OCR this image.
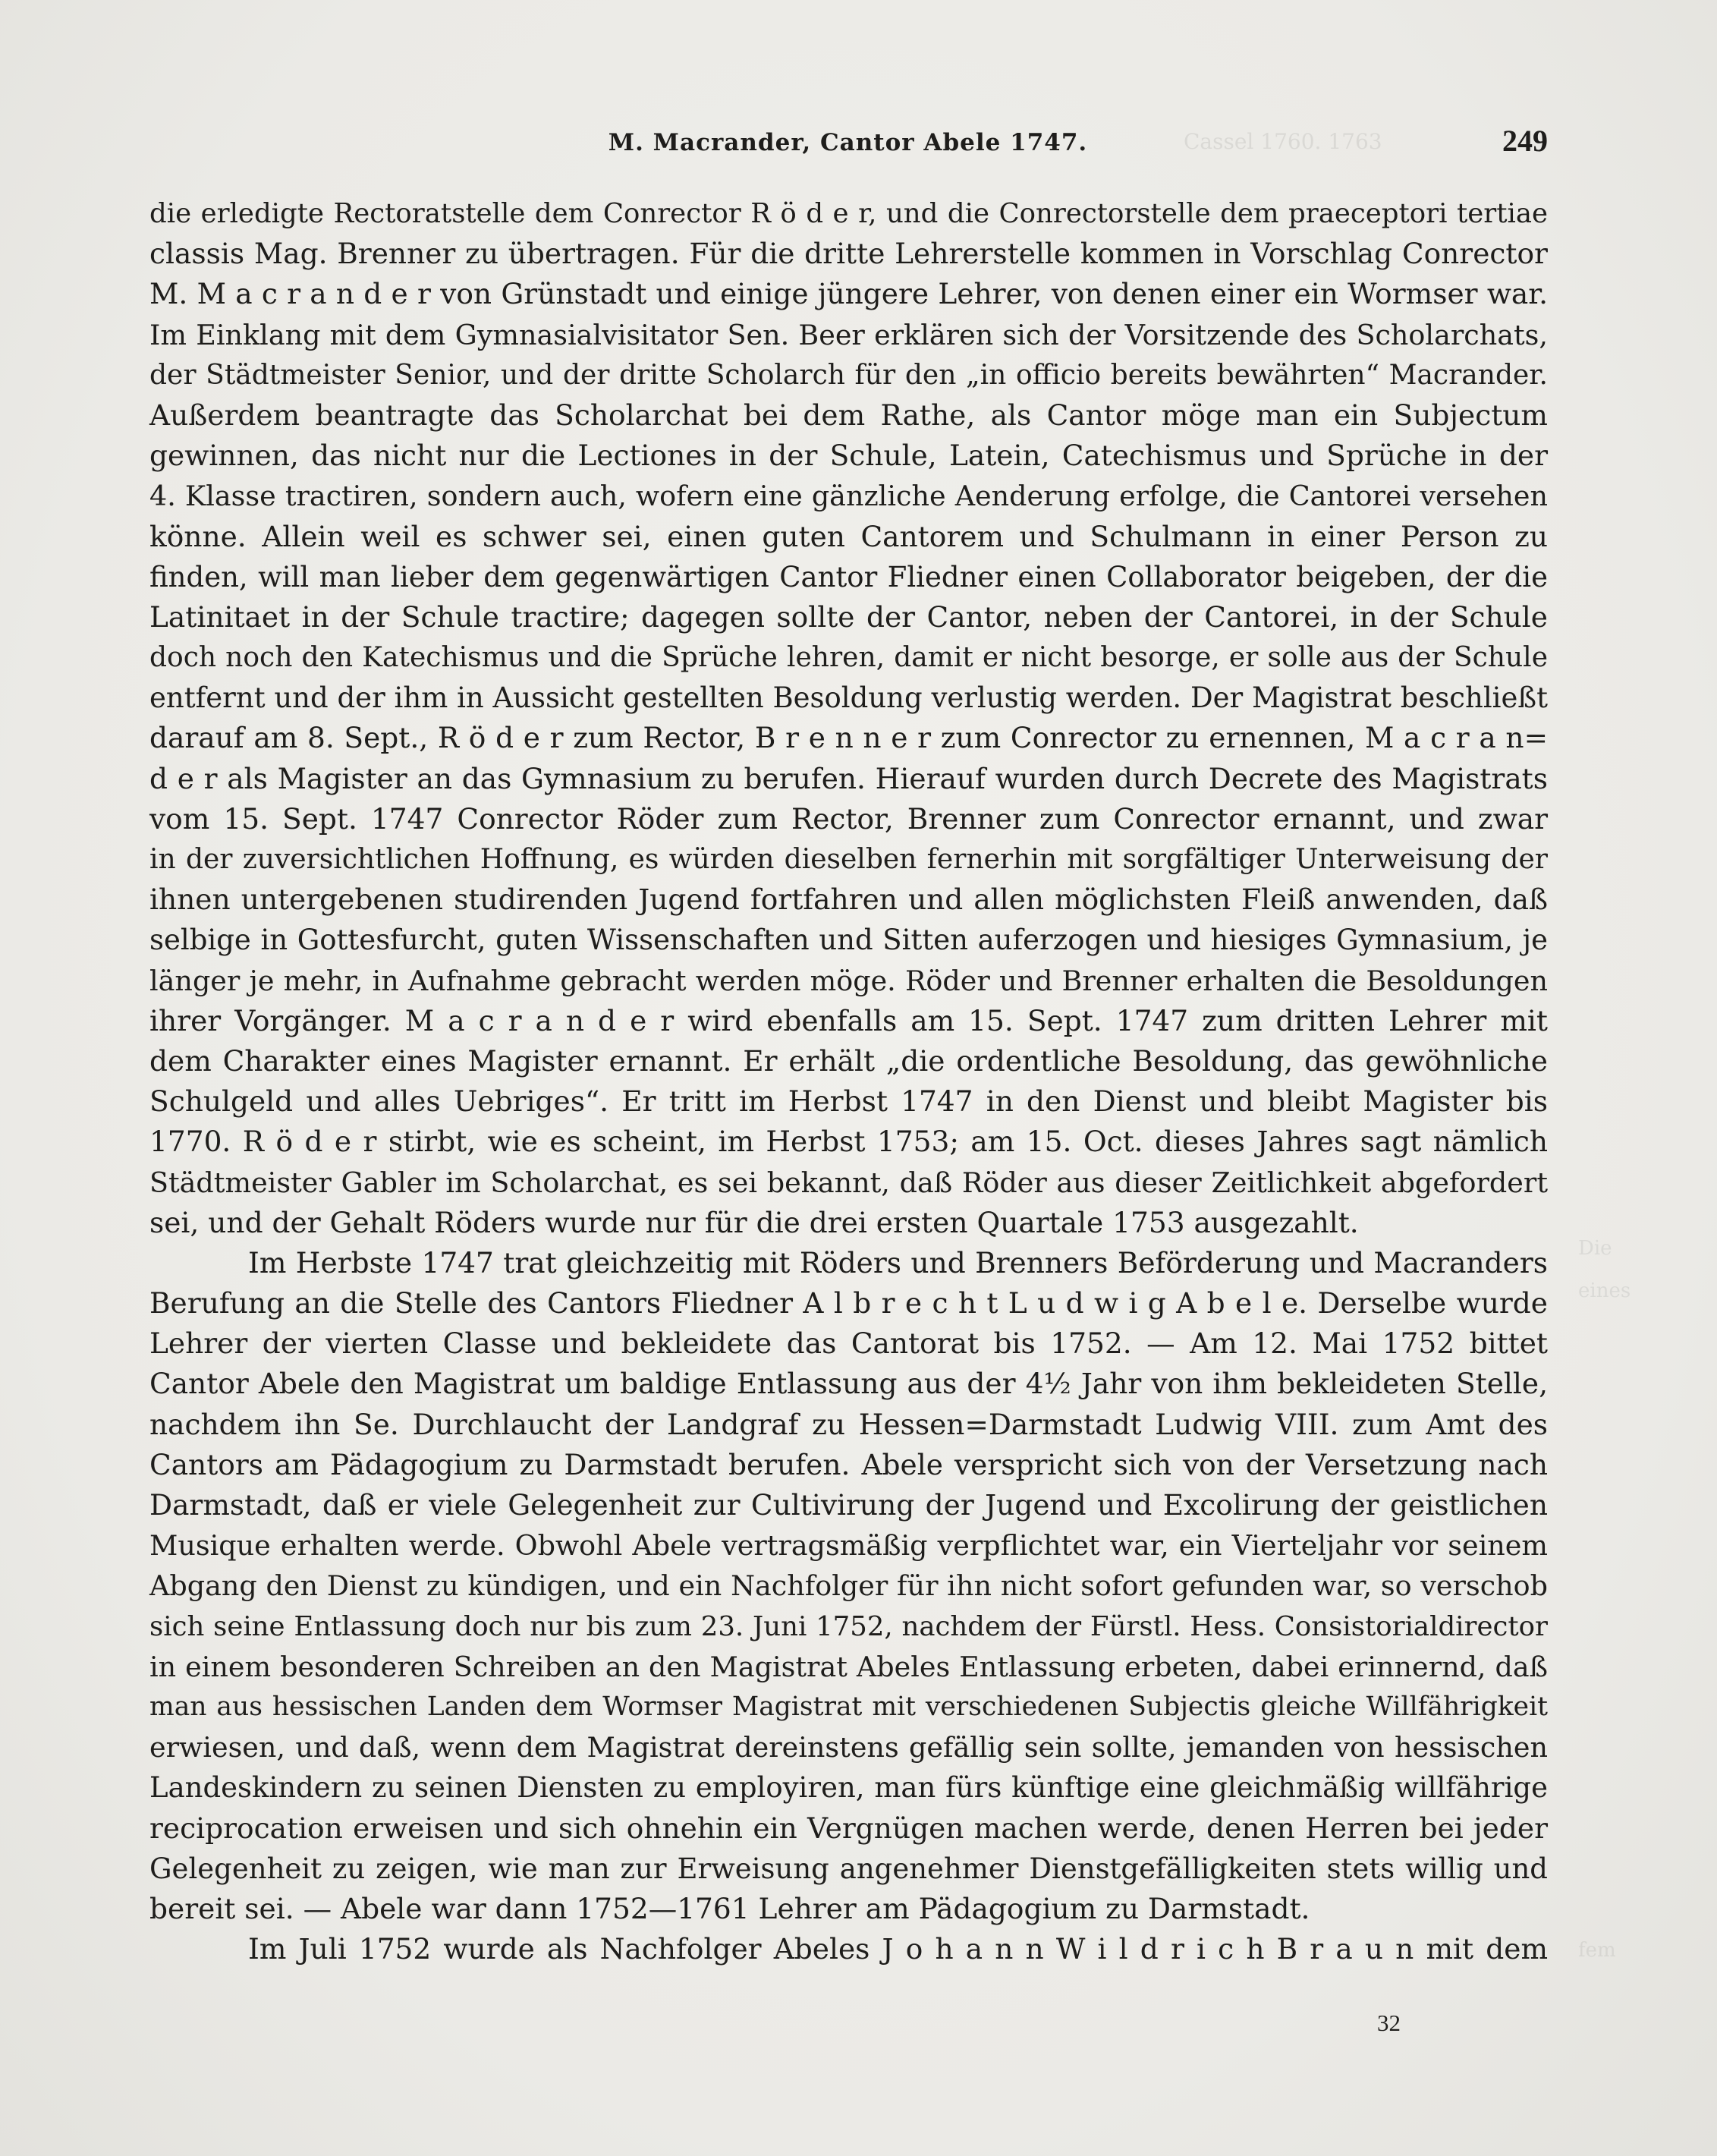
Cassel 1760. 1763
Die
eines
fem
M. Macrander, Cantor Abele 1747.	249
die erledigte Rectoratstelle dem Conrector R ö d e r, und die Conrectorstelle dem praeceptori tertiae
classis Mag. Brenner zu übertragen. Für die dritte Lehrerstelle kommen in Vorschlag Conrector
M. M a c r a n d e r von Grünstadt und einige jüngere Lehrer, von denen einer ein Wormser war.
Im Einklang mit dem Gymnasialvisitator Sen. Beer erklären sich der Vorsitzende des Scholarchats,
der Städtmeister Senior, und der dritte Scholarch für den „in officio bereits bewährten“ Macrander.
Außerdem beantragte das Scholarchat bei dem Rathe, als Cantor möge man ein Subjectum
gewinnen, das nicht nur die Lectiones in der Schule, Latein, Catechismus und Sprüche in der
4. Klasse tractiren, sondern auch, wofern eine gänzliche Aenderung erfolge, die Cantorei versehen
könne. Allein weil es schwer sei, einen guten Cantorem und Schulmann in einer Person zu
finden, will man lieber dem gegenwärtigen Cantor Fliedner einen Collaborator beigeben, der die
Latinitaet in der Schule tractire; dagegen sollte der Cantor, neben der Cantorei, in der Schule
doch noch den Katechismus und die Sprüche lehren, damit er nicht besorge, er solle aus der Schule
entfernt und der ihm in Aussicht gestellten Besoldung verlustig werden. Der Magistrat beschließt
darauf am 8. Sept., R ö d e r zum Rector, B r e n n e r zum Conrector zu ernennen, M a c r a n=
d e r als Magister an das Gymnasium zu berufen. Hierauf wurden durch Decrete des Magistrats
vom 15. Sept. 1747 Conrector Röder zum Rector, Brenner zum Conrector ernannt, und zwar
in der zuversichtlichen Hoffnung, es würden dieselben fernerhin mit sorgfältiger Unterweisung der
ihnen untergebenen studirenden Jugend fortfahren und allen möglichsten Fleiß anwenden, daß
selbige in Gottesfurcht, guten Wissenschaften und Sitten auferzogen und hiesiges Gymnasium, je
länger je mehr, in Aufnahme gebracht werden möge. Röder und Brenner erhalten die Besoldungen
ihrer Vorgänger. M a c r a n d e r wird ebenfalls am 15. Sept. 1747 zum dritten Lehrer mit
dem Charakter eines Magister ernannt. Er erhält „die ordentliche Besoldung, das gewöhnliche
Schulgeld und alles Uebriges“. Er tritt im Herbst 1747 in den Dienst und bleibt Magister bis
1770. R ö d e r stirbt, wie es scheint, im Herbst 1753; am 15. Oct. dieses Jahres sagt nämlich
Städtmeister Gabler im Scholarchat, es sei bekannt, daß Röder aus dieser Zeitlichkeit abgefordert
sei, und der Gehalt Röders wurde nur für die drei ersten Quartale 1753 ausgezahlt.
Im Herbste 1747 trat gleichzeitig mit Röders und Brenners Beförderung und Macranders
Berufung an die Stelle des Cantors Fliedner A l b r e c h t L u d w i g A b e l e. Derselbe wurde
Lehrer der vierten Classe und bekleidete das Cantorat bis 1752. — Am 12. Mai 1752 bittet
Cantor Abele den Magistrat um baldige Entlassung aus der 4½ Jahr von ihm bekleideten Stelle,
nachdem ihn Se. Durchlaucht der Landgraf zu Hessen=Darmstadt Ludwig VIII. zum Amt des
Cantors am Pädagogium zu Darmstadt berufen. Abele verspricht sich von der Versetzung nach
Darmstadt, daß er viele Gelegenheit zur Cultivirung der Jugend und Excolirung der geistlichen
Musique erhalten werde. Obwohl Abele vertragsmäßig verpflichtet war, ein Vierteljahr vor seinem
Abgang den Dienst zu kündigen, und ein Nachfolger für ihn nicht sofort gefunden war, so verschob
sich seine Entlassung doch nur bis zum 23. Juni 1752, nachdem der Fürstl. Hess. Consistorialdirector
in einem besonderen Schreiben an den Magistrat Abeles Entlassung erbeten, dabei erinnernd, daß
man aus hessischen Landen dem Wormser Magistrat mit verschiedenen Subjectis gleiche Willfährigkeit
erwiesen, und daß, wenn dem Magistrat dereinstens gefällig sein sollte, jemanden von hessischen
Landeskindern zu seinen Diensten zu employiren, man fürs künftige eine gleichmäßig willfährige
reciprocation erweisen und sich ohnehin ein Vergnügen machen werde, denen Herren bei jeder
Gelegenheit zu zeigen, wie man zur Erweisung angenehmer Dienstgefälligkeiten stets willig und
bereit sei. — Abele war dann 1752—1761 Lehrer am Pädagogium zu Darmstadt.
Im Juli 1752 wurde als Nachfolger Abeles J o h a n n W i l d r i c h B r a u n mit dem
32
